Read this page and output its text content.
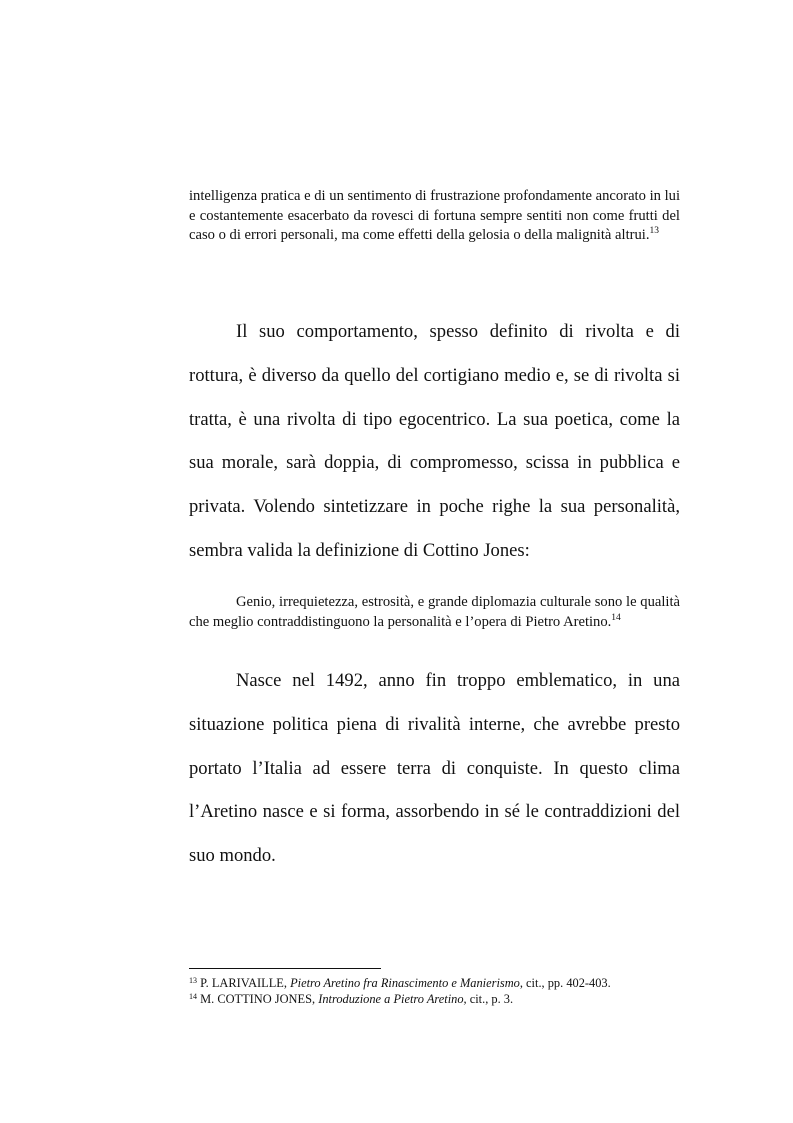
intelligenza pratica e di un sentimento di frustrazione profondamente ancorato in lui e costantemente esacerbato da rovesci di fortuna sempre sentiti non come frutti del caso o di errori personali, ma come effetti della gelosia o della malignità altrui.$^{13}$

Il suo comportamento, spesso definito di rivolta e di rottura, è diverso da quello del cortigiano medio e, se di rivolta si tratta, è una rivolta di tipo egocentrico. La sua poetica, come la sua morale, sarà doppia, di compromesso, scissa in pubblica e privata. Volendo sintetizzare in poche righe la sua personalità, sembra valida la definizione di Cottino Jones:

Genio, irrequietezza, estrosità, e grande diplomazia culturale sono le qualità che meglio contraddistinguono la personalità e l’opera di Pietro Aretino.$^{14}$

Nasce nel 1492, anno fin troppo emblematico, in una situazione politica piena di rivalità interne, che avrebbe presto portato l’Italia ad essere terra di conquiste. In questo clima l’Aretino nasce e si forma, assorbendo in sé le contraddizioni del suo mondo.

$^{13}$ P. LARIVAILLE, Pietro Aretino fra Rinascimento e Manierismo, cit., pp. 402-403.
$^{14}$ M. COTTINO JONES, Introduzione a Pietro Aretino, cit., p. 3.
